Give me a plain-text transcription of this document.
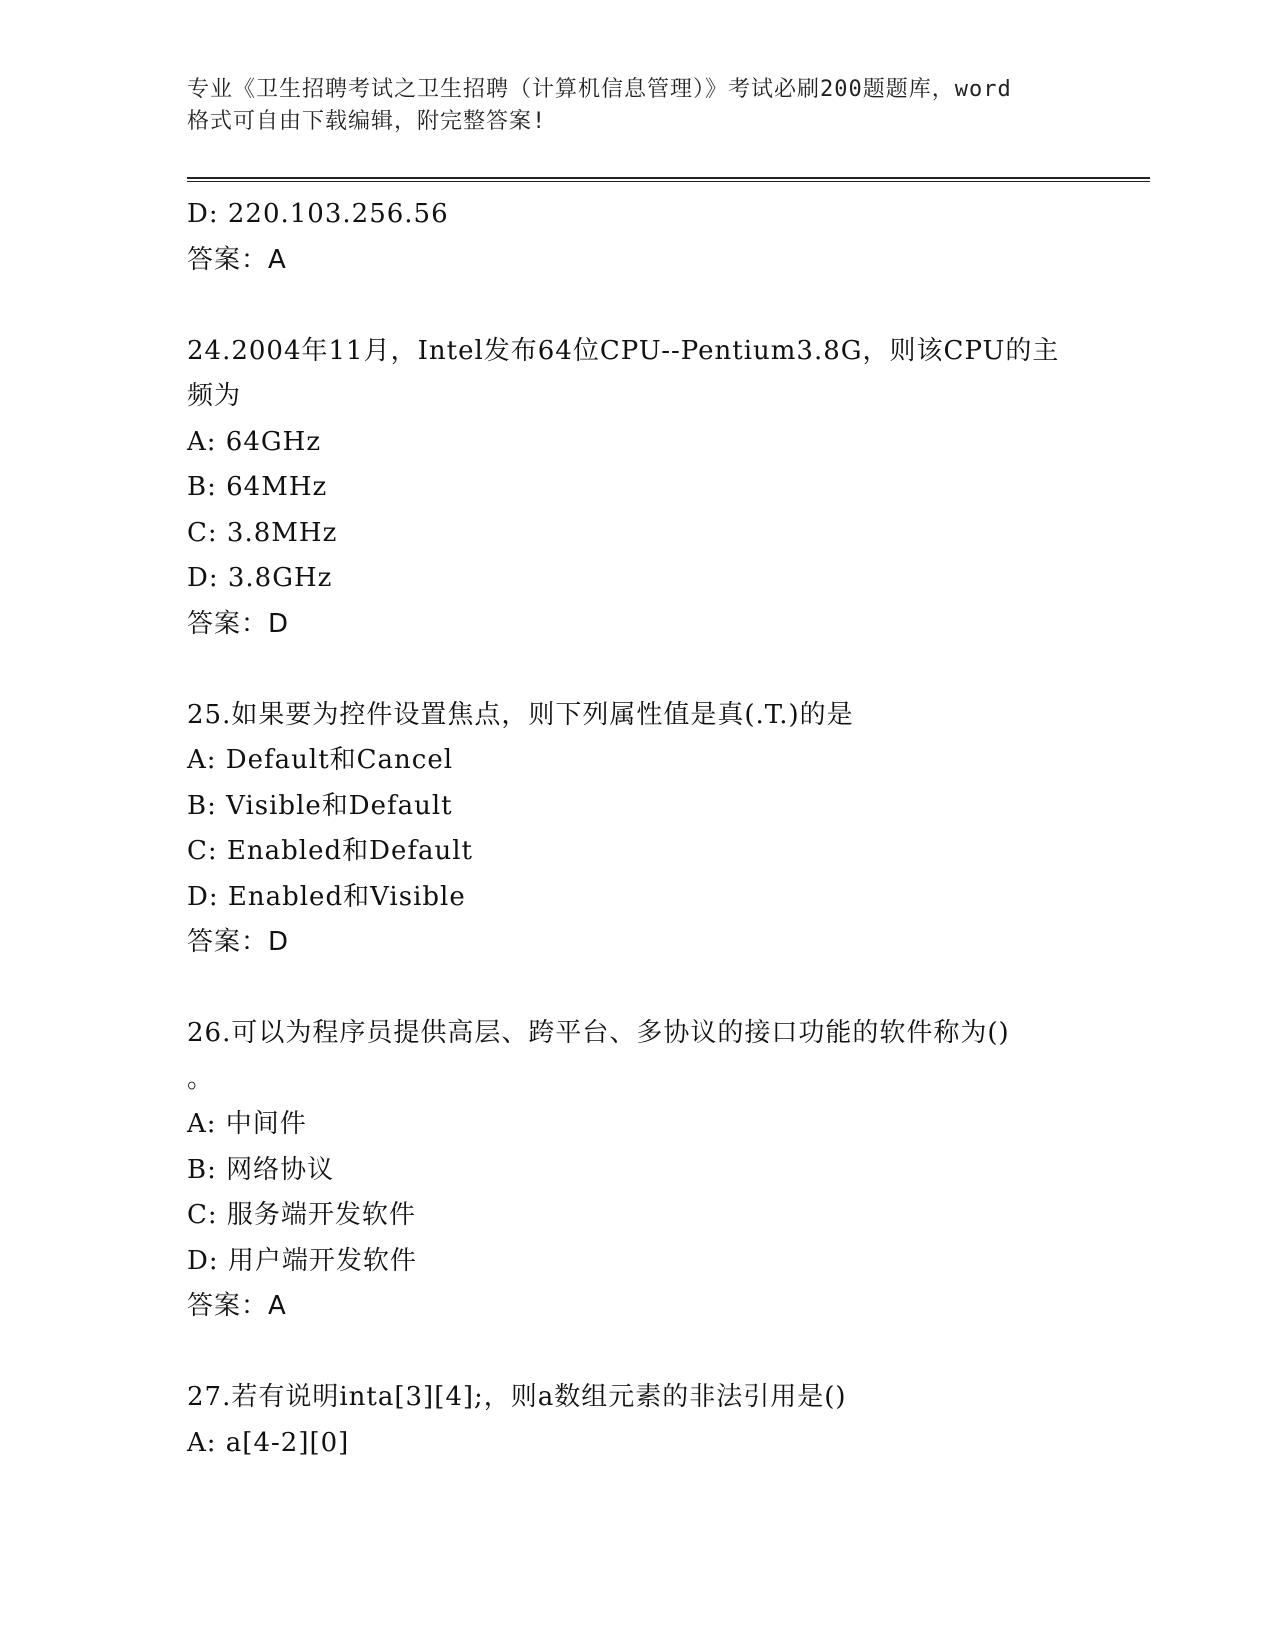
专业《卫生招聘考试之卫生招聘（计算机信息管理）》考试必刷200题题库，word
格式可自由下载编辑，附完整答案!
D: 220.103.256.56
答案：A
24.2004年11月，Intel发布64位CPU--Pentium3.8G，则该CPU的主
频为
A: 64GHz
B: 64MHz
C: 3.8MHz
D: 3.8GHz
答案：D
25.如果要为控件设置焦点，则下列属性值是真(.T.)的是
A: Default和Cancel
B: Visible和Default
C: Enabled和Default
D: Enabled和Visible
答案：D
26.可以为程序员提供高层、跨平台、多协议的接口功能的软件称为()
。
A: 中间件
B: 网络协议
C: 服务端开发软件
D: 用户端开发软件
答案：A
27.若有说明inta[3][4];，则a数组元素的非法引用是()
A: a[4-2][0]
